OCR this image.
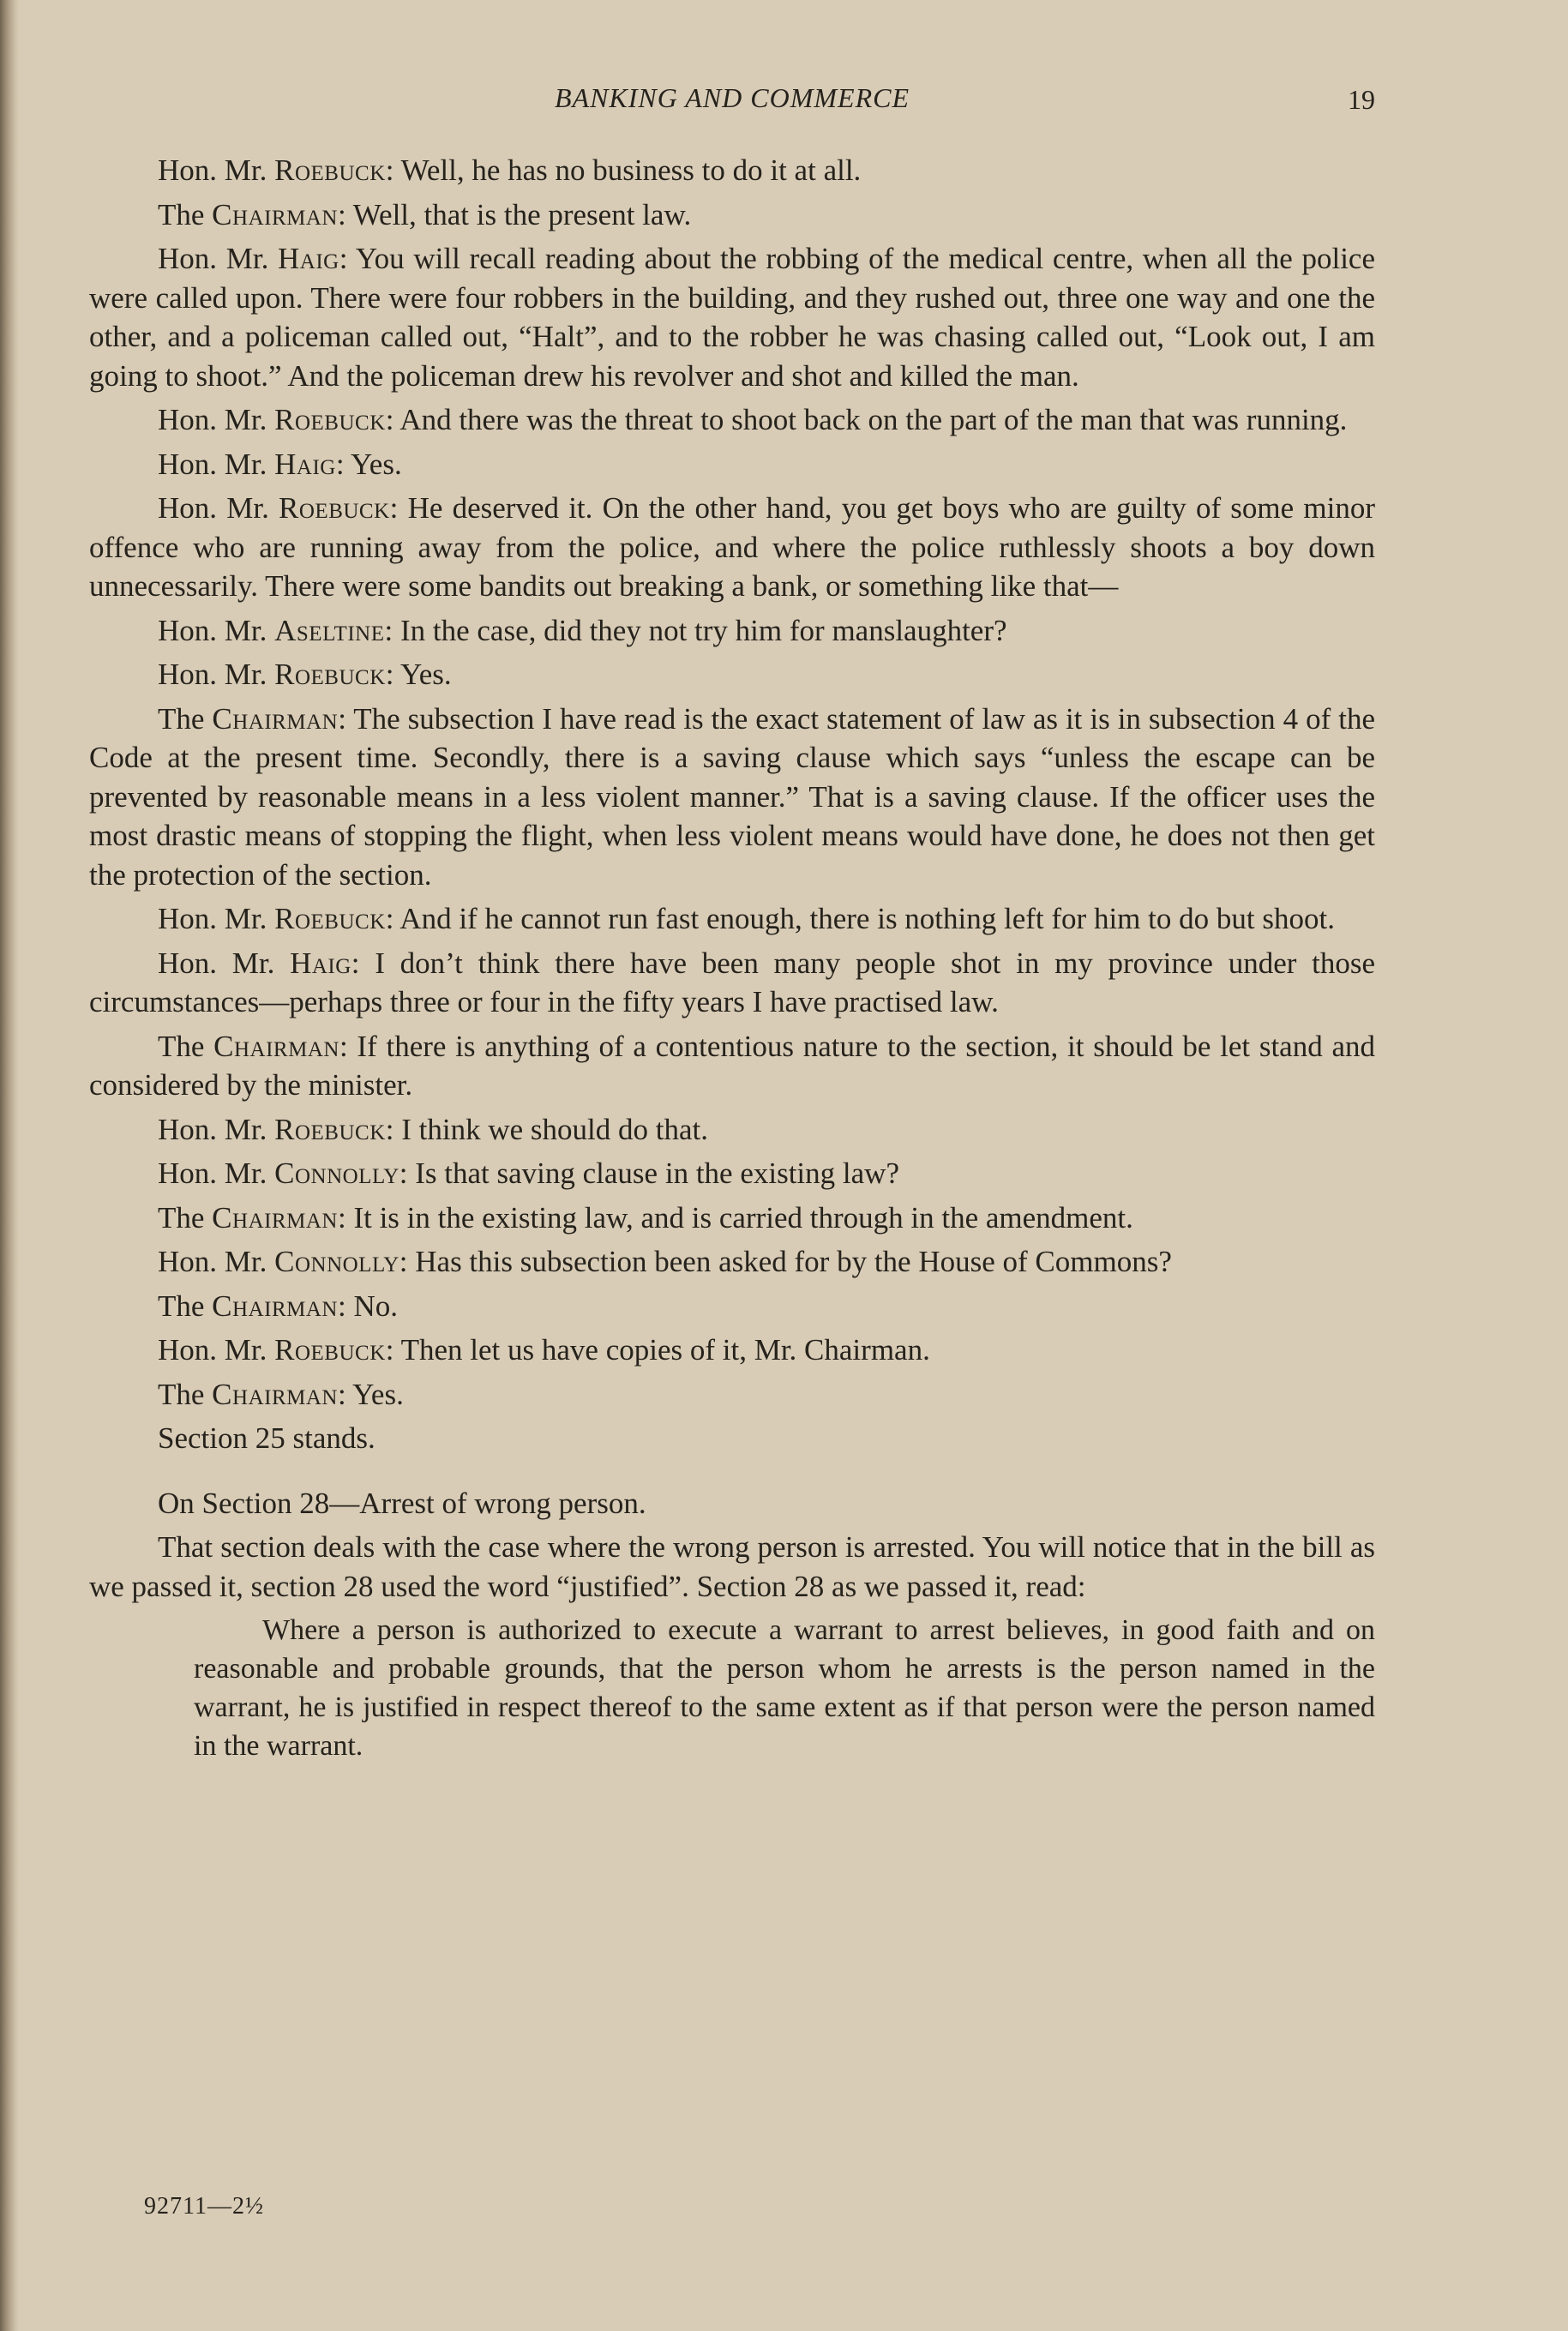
BANKING AND COMMERCE	19

Hon. Mr. Roebuck: Well, he has no business to do it at all.

The Chairman: Well, that is the present law.

Hon. Mr. Haig: You will recall reading about the robbing of the medical centre, when all the police were called upon. There were four robbers in the building, and they rushed out, three one way and one the other, and a policeman called out, “Halt”, and to the robber he was chasing called out, “Look out, I am going to shoot.” And the policeman drew his revolver and shot and killed the man.

Hon. Mr. Roebuck: And there was the threat to shoot back on the part of the man that was running.

Hon. Mr. Haig: Yes.

Hon. Mr. Roebuck: He deserved it. On the other hand, you get boys who are guilty of some minor offence who are running away from the police, and where the police ruthlessly shoots a boy down unnecessarily. There were some bandits out breaking a bank, or something like that—

Hon. Mr. Aseltine: In the case, did they not try him for manslaughter?

Hon. Mr. Roebuck: Yes.

The Chairman: The subsection I have read is the exact statement of law as it is in subsection 4 of the Code at the present time. Secondly, there is a saving clause which says “unless the escape can be prevented by reasonable means in a less violent manner.” That is a saving clause. If the officer uses the most drastic means of stopping the flight, when less violent means would have done, he does not then get the protection of the section.

Hon. Mr. Roebuck: And if he cannot run fast enough, there is nothing left for him to do but shoot.

Hon. Mr. Haig: I don’t think there have been many people shot in my province under those circumstances—perhaps three or four in the fifty years I have practised law.

The Chairman: If there is anything of a contentious nature to the section, it should be let stand and considered by the minister.

Hon. Mr. Roebuck: I think we should do that.

Hon. Mr. Connolly: Is that saving clause in the existing law?

The Chairman: It is in the existing law, and is carried through in the amendment.

Hon. Mr. Connolly: Has this subsection been asked for by the House of Commons?

The Chairman: No.

Hon. Mr. Roebuck: Then let us have copies of it, Mr. Chairman.

The Chairman: Yes.

Section 25 stands.

On Section 28—Arrest of wrong person.

That section deals with the case where the wrong person is arrested. You will notice that in the bill as we passed it, section 28 used the word “justified”. Section 28 as we passed it, read:

Where a person is authorized to execute a warrant to arrest believes, in good faith and on reasonable and probable grounds, that the person whom he arrests is the person named in the warrant, he is justified in respect thereof to the same extent as if that person were the person named in the warrant.

92711—2½
